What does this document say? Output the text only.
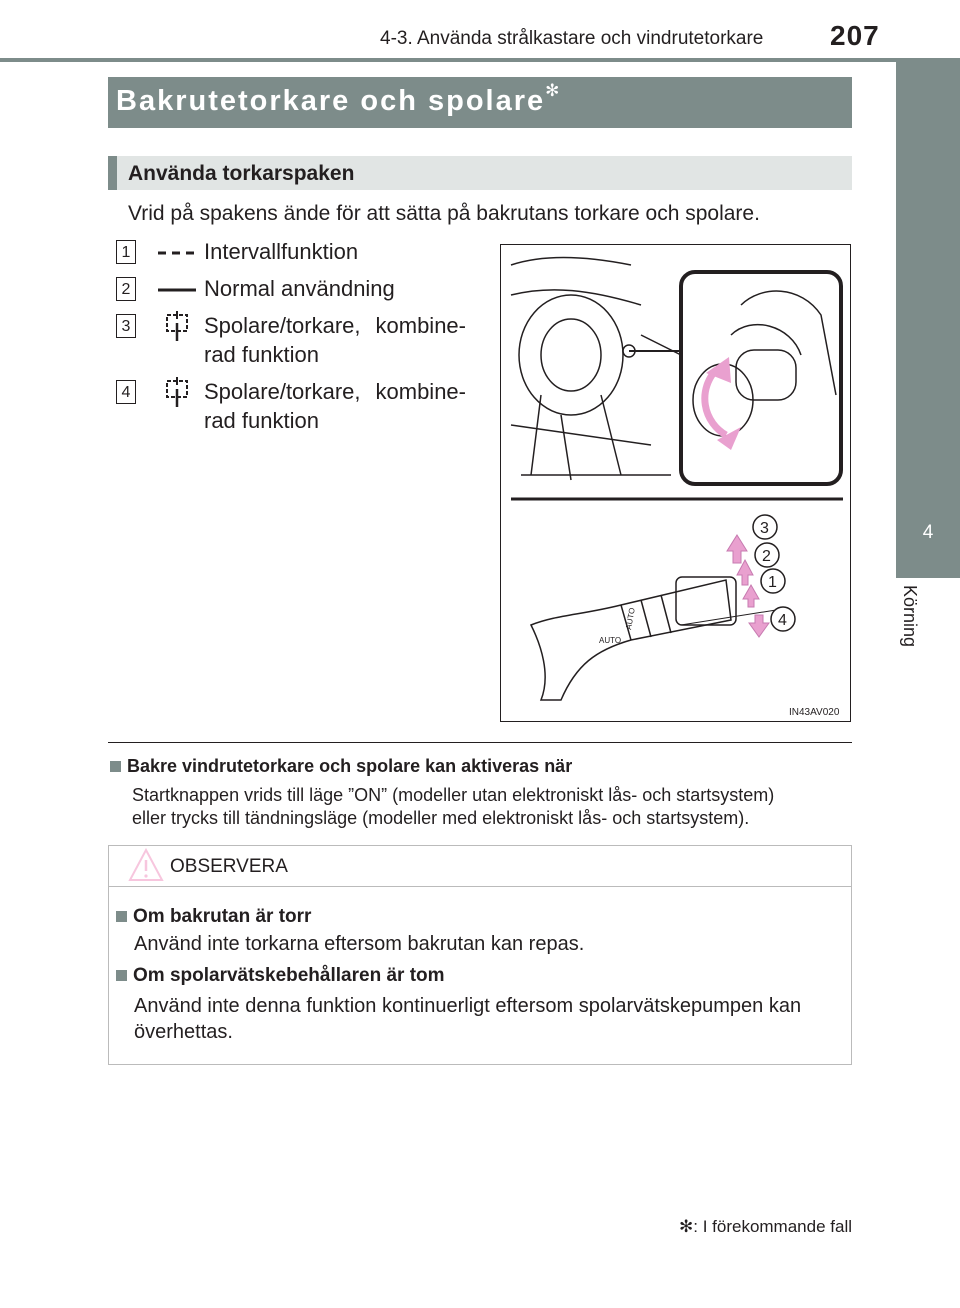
4-3. Använda strålkastare och vindrutetorkare 207
4
Körning
Bakrutetorkare och spolare✻
Använda torkarspaken
Vrid på spakens ände för att sätta på bakrutans torkare och spolare.
1	Intervallfunktion
2	Normal användning
3	Spolare/torkare, kombine-
rad funktion
4	Spolare/torkare, kombine-
rad funktion
AUTO
AUTO
3
2
1
4
IN43AV020
Bakre vindrutetorkare och spolare kan aktiveras när
Startknappen vrids till läge ”ON” (modeller utan elektroniskt lås- och startsystem)
eller trycks till tändningsläge (modeller med elektroniskt lås- och startsystem).
OBSERVERA
Om bakrutan är torr
Använd inte torkarna eftersom bakrutan kan repas.
Om spolarvätskebehållaren är tom
Använd inte denna funktion kontinuerligt eftersom spolarvätskepumpen kan
överhettas.
✻: I förekommande fall
